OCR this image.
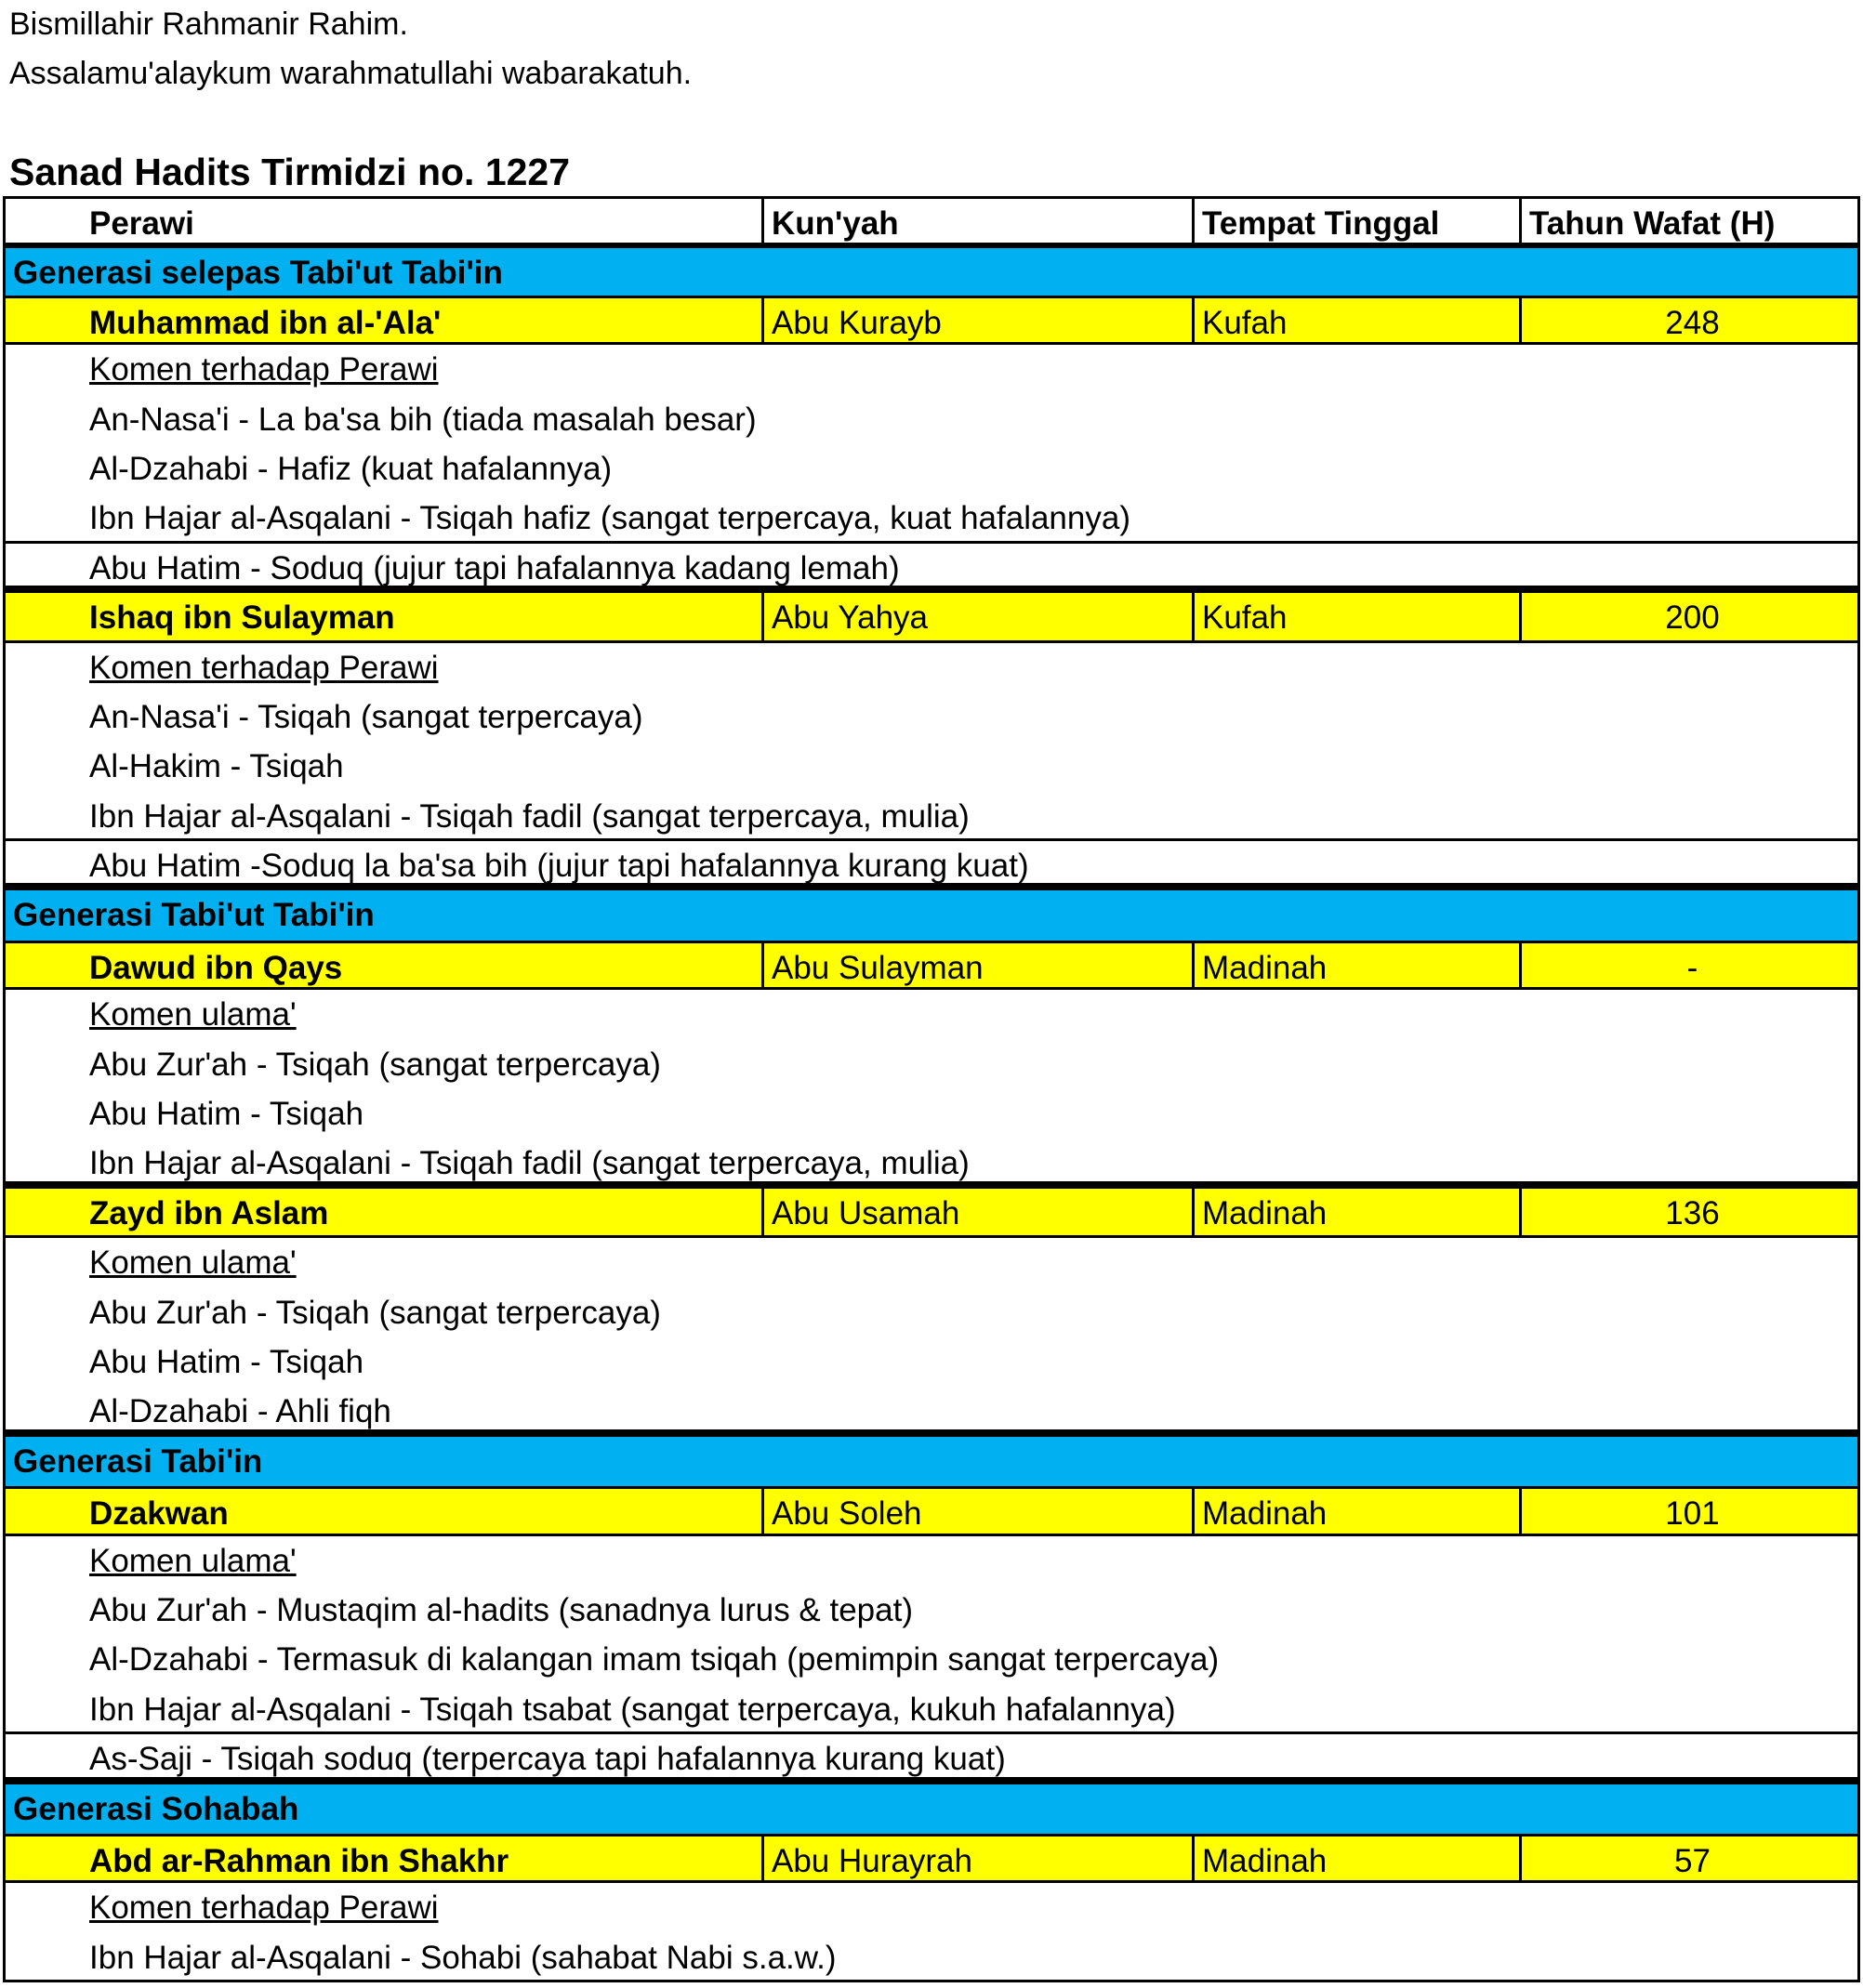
Bismillahir Rahmanir Rahim.
Assalamu'alaykum warahmatullahi wabarakatuh.
Sanad Hadits Tirmidzi no. 1227
Perawi	Kun'yah	Tempat Tinggal	Tahun Wafat (H)
Generasi selepas Tabi'ut Tabi'in
Muhammad ibn al-'Ala'	Abu Kurayb	Kufah	248
Komen terhadap Perawi
An-Nasa'i - La ba'sa bih (tiada masalah besar)
Al-Dzahabi - Hafiz (kuat hafalannya)
Ibn Hajar al-Asqalani - Tsiqah hafiz (sangat terpercaya, kuat hafalannya)
Abu Hatim - Soduq (jujur tapi hafalannya kadang lemah)
Ishaq ibn Sulayman	Abu Yahya	Kufah	200
Komen terhadap Perawi
An-Nasa'i - Tsiqah (sangat terpercaya)
Al-Hakim - Tsiqah
Ibn Hajar al-Asqalani - Tsiqah fadil (sangat terpercaya, mulia)
Abu Hatim -Soduq la ba'sa bih (jujur tapi hafalannya kurang kuat)
Generasi Tabi'ut Tabi'in
Dawud ibn Qays	Abu Sulayman	Madinah	-
Komen ulama'
Abu Zur'ah - Tsiqah (sangat terpercaya)
Abu Hatim - Tsiqah
Ibn Hajar al-Asqalani - Tsiqah fadil (sangat terpercaya, mulia)
Zayd ibn Aslam	Abu Usamah	Madinah	136
Komen ulama'
Abu Zur'ah - Tsiqah (sangat terpercaya)
Abu Hatim - Tsiqah
Al-Dzahabi - Ahli fiqh
Generasi Tabi'in
Dzakwan	Abu Soleh	Madinah	101
Komen ulama'
Abu Zur'ah - Mustaqim al-hadits (sanadnya lurus & tepat)
Al-Dzahabi - Termasuk di kalangan imam tsiqah (pemimpin sangat terpercaya)
Ibn Hajar al-Asqalani - Tsiqah tsabat (sangat terpercaya, kukuh hafalannya)
As-Saji - Tsiqah soduq (terpercaya tapi hafalannya kurang kuat)
Generasi Sohabah
Abd ar-Rahman ibn Shakhr	Abu Hurayrah	Madinah	57
Komen terhadap Perawi
Ibn Hajar al-Asqalani - Sohabi (sahabat Nabi s.a.w.)
